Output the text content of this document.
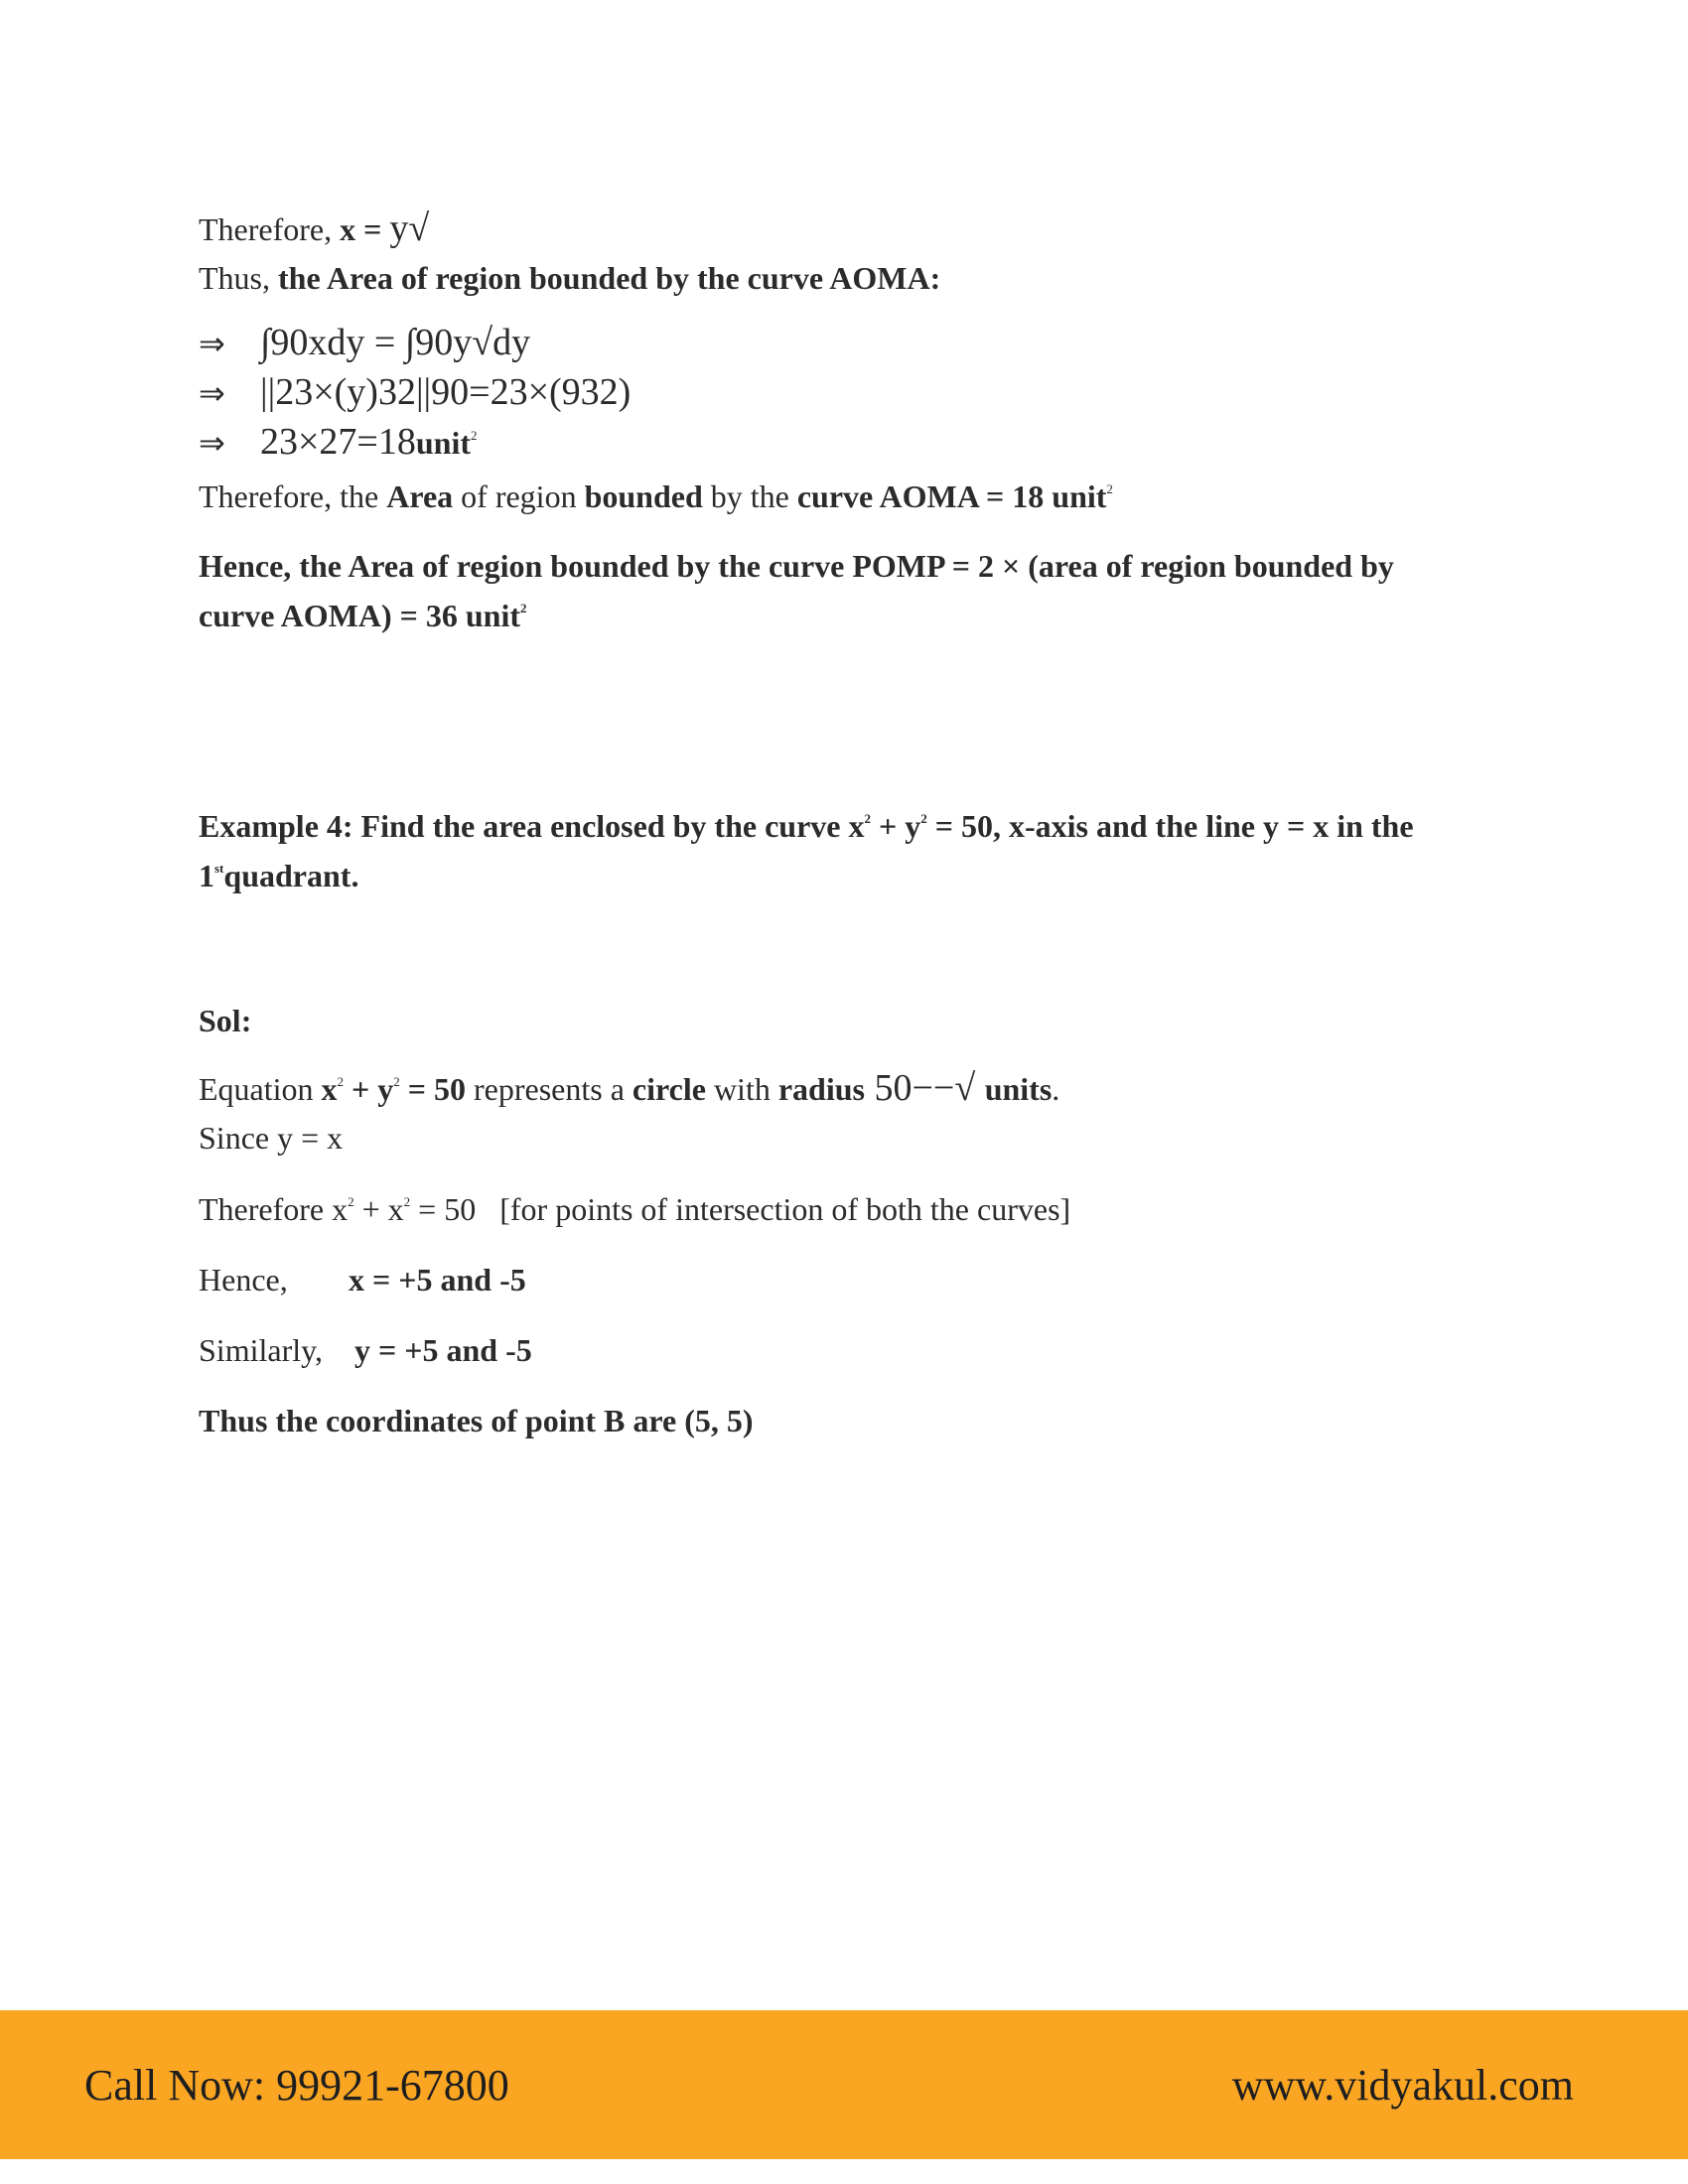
Therefore, x = y√
Thus, the Area of region bounded by the curve AOMA:
⇒ ∫90xdy = ∫90y√dy
⇒ ||23×(y)32||90=23×(932)
⇒ 23×27=18unit$^2$
Therefore, the Area of region bounded by the curve AOMA = 18 unit$^2$
Hence, the Area of region bounded by the curve POMP = 2 × (area of region bounded by
curve AOMA) = 36 unit$^2$
Example 4: Find the area enclosed by the curve $x^2 + y^2 = 50$, x-axis and the line y = x in the
1stquadrant.
Sol:
Equation $x^2 + y^2 = 50$ represents a circle with radius 50−−√ units.
Since y = x
Therefore $x^2 + x^2 = 50$   [for points of intersection of both the curves]
Hence, x = +5 and -5
Similarly, y = +5 and -5
Thus the coordinates of point B are (5, 5)
Call Now: 99921-67800	www.vidyakul.com
